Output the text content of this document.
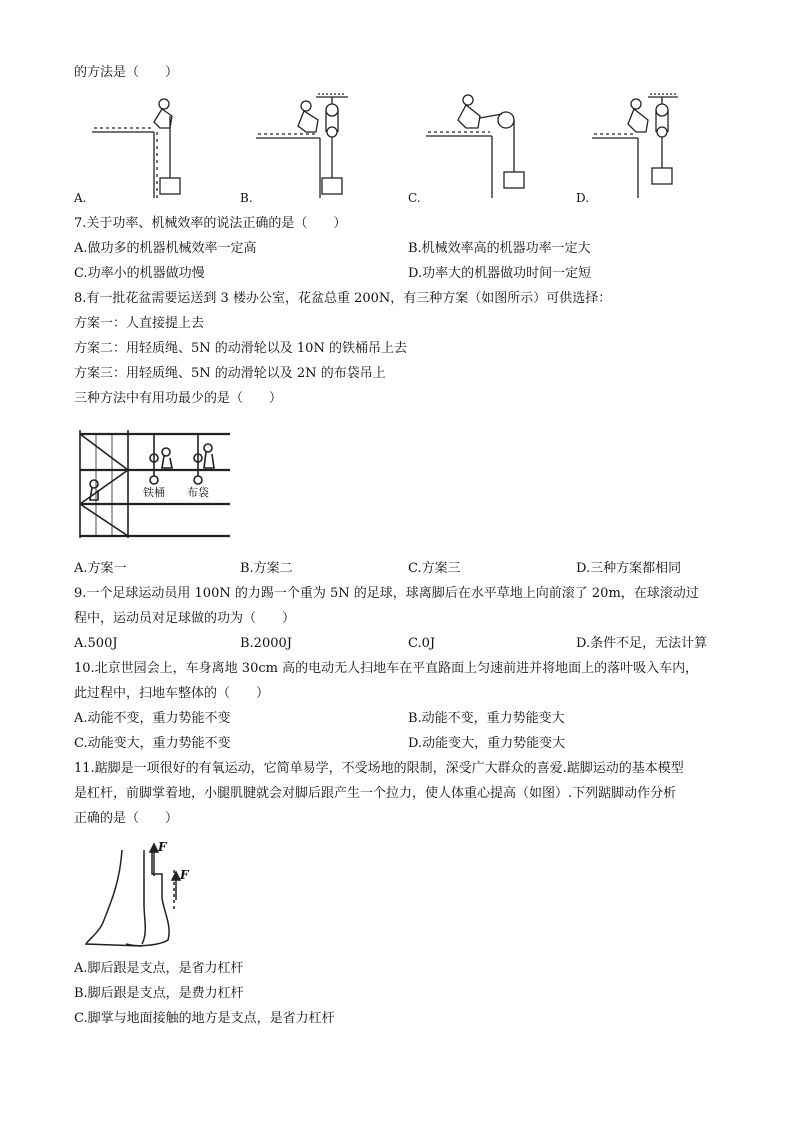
的方法是（　　）
A.	B.	C.	D.
7.关于功率、机械效率的说法正确的是（　　）
A.做功多的机器机械效率一定高	B.机械效率高的机器功率一定大
C.功率小的机器做功慢	D.功率大的机器做功时间一定短
8.有一批花盆需要运送到 3 楼办公室，花盆总重 200N，有三种方案（如图所示）可供选择：
方案一：人直接提上去
方案二：用轻质绳、5N 的动滑轮以及 10N 的铁桶吊上去
方案三：用轻质绳、5N 的动滑轮以及 2N 的布袋吊上
三种方法中有用功最少的是（　　）
铁桶 布袋
A.方案一	B.方案二	C.方案三	D.三种方案都相同
9.一个足球运动员用 100N 的力踢一个重为 5N 的足球，球离脚后在水平草地上向前滚了 20m，在球滚动过
程中，运动员对足球做的功为（　　）
A.500J	B.2000J	C.0J	D.条件不足，无法计算
10.北京世园会上，车身离地 30cm 高的电动无人扫地车在平直路面上匀速前进并将地面上的落叶吸入车内，
此过程中，扫地车整体的（　　）
A.动能不变，重力势能不变	B.动能不变，重力势能变大
C.动能变大，重力势能不变	D.动能变大，重力势能变大
11.踮脚是一项很好的有氧运动，它简单易学，不受场地的限制，深受广大群众的喜爱.踮脚运动的基本模型
是杠杆，前脚掌着地，小腿肌腱就会对脚后跟产生一个拉力，使人体重心提高（如图）.下列踮脚动作分析
正确的是（　　）
F
F
A.脚后跟是支点，是省力杠杆
B.脚后跟是支点，是费力杠杆
C.脚掌与地面接触的地方是支点，是省力杠杆
